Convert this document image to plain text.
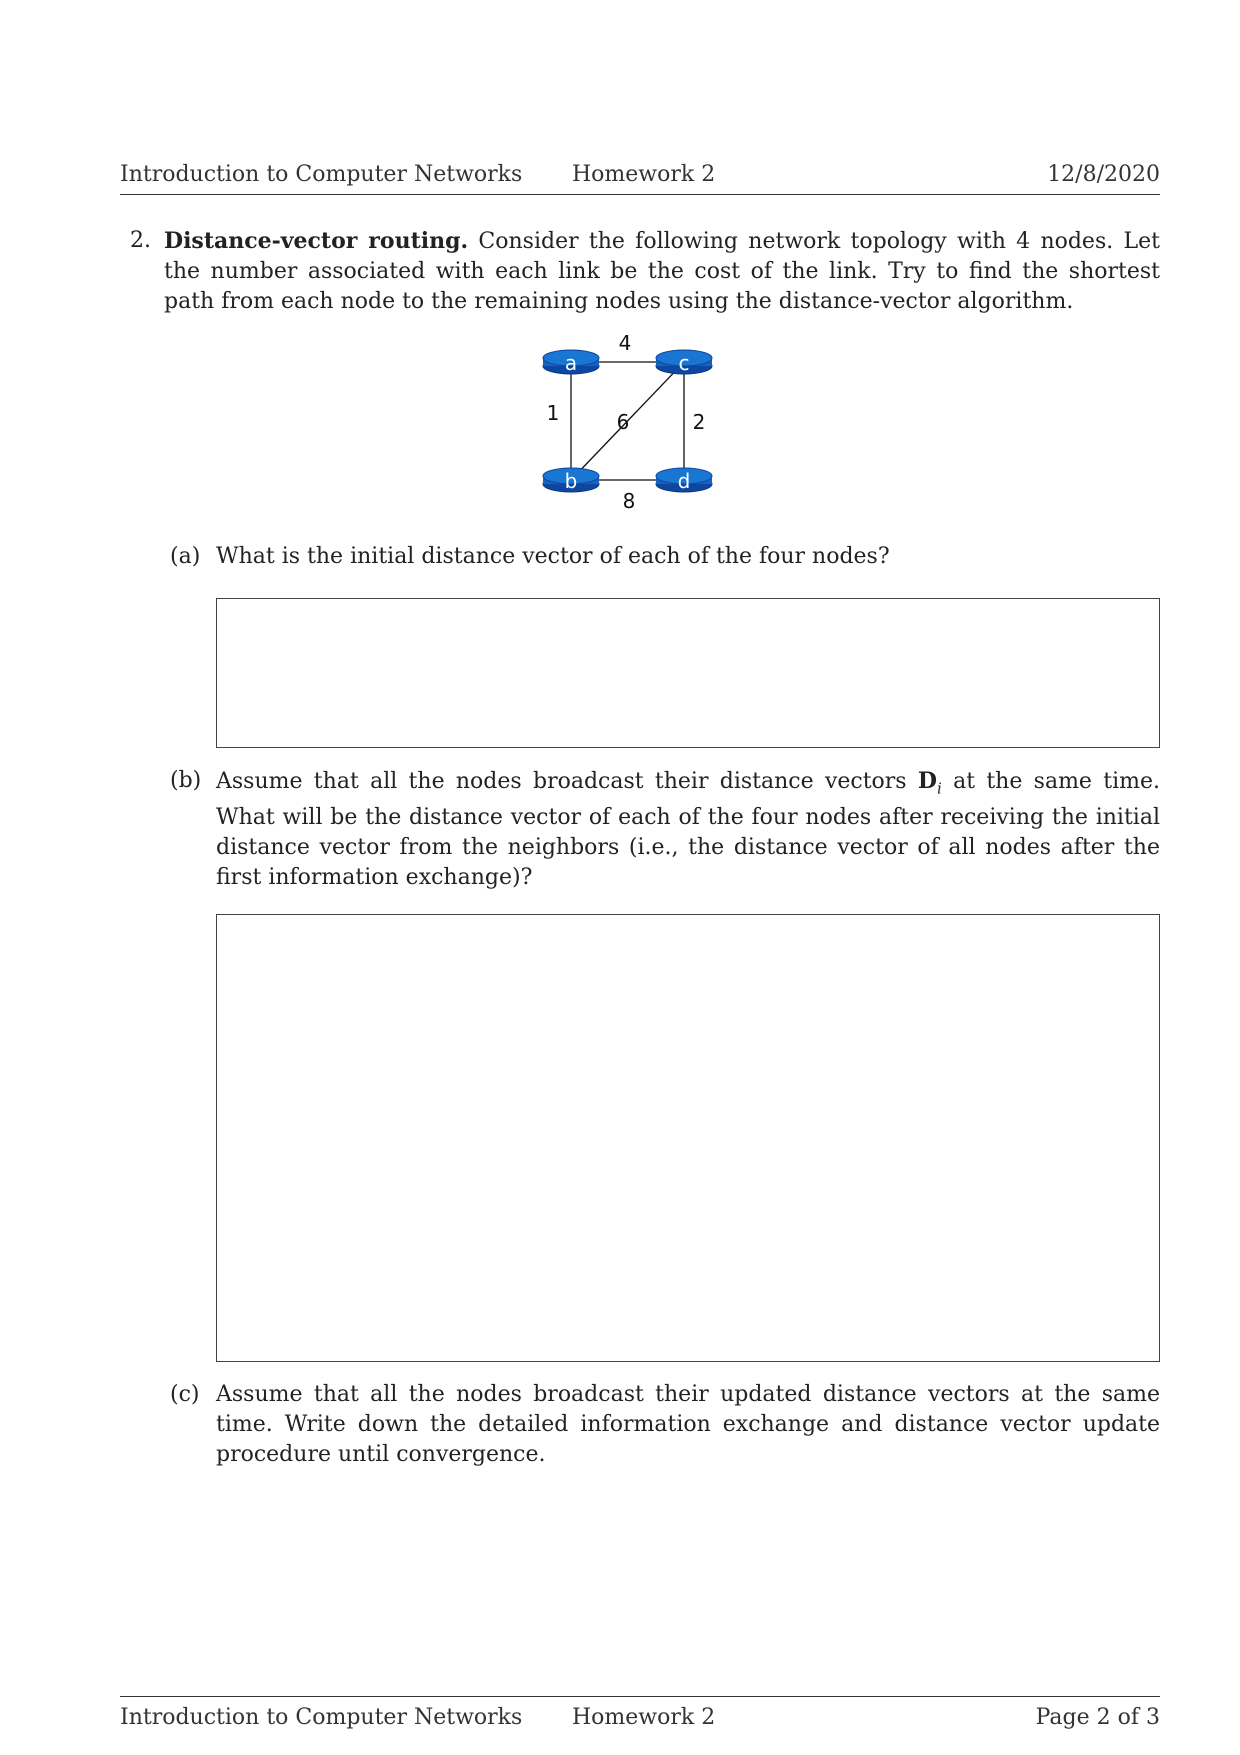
Introduction to Computer Networks Homework 2	12/8/2020
2. Distance-vector routing. Consider the following network topology with 4 nodes. Let the number associated with each link be the cost of the link. Try to find the shortest path from each node to the remaining nodes using the distance-vector algorithm.
4
1	6	2
8
a	c
b	d
(a) What is the initial distance vector of each of the four nodes?
(b) Assume that all the nodes broadcast their distance vectors $D_i$ at the same time. What will be the distance vector of each of the four nodes after receiving the initial distance vector from the neighbors (i.e., the distance vector of all nodes after the first information exchange)?
(c) Assume that all the nodes broadcast their updated distance vectors at the same time. Write down the detailed information exchange and distance vector update procedure until convergence.
Introduction to Computer Networks Homework 2	Page 2 of 3
